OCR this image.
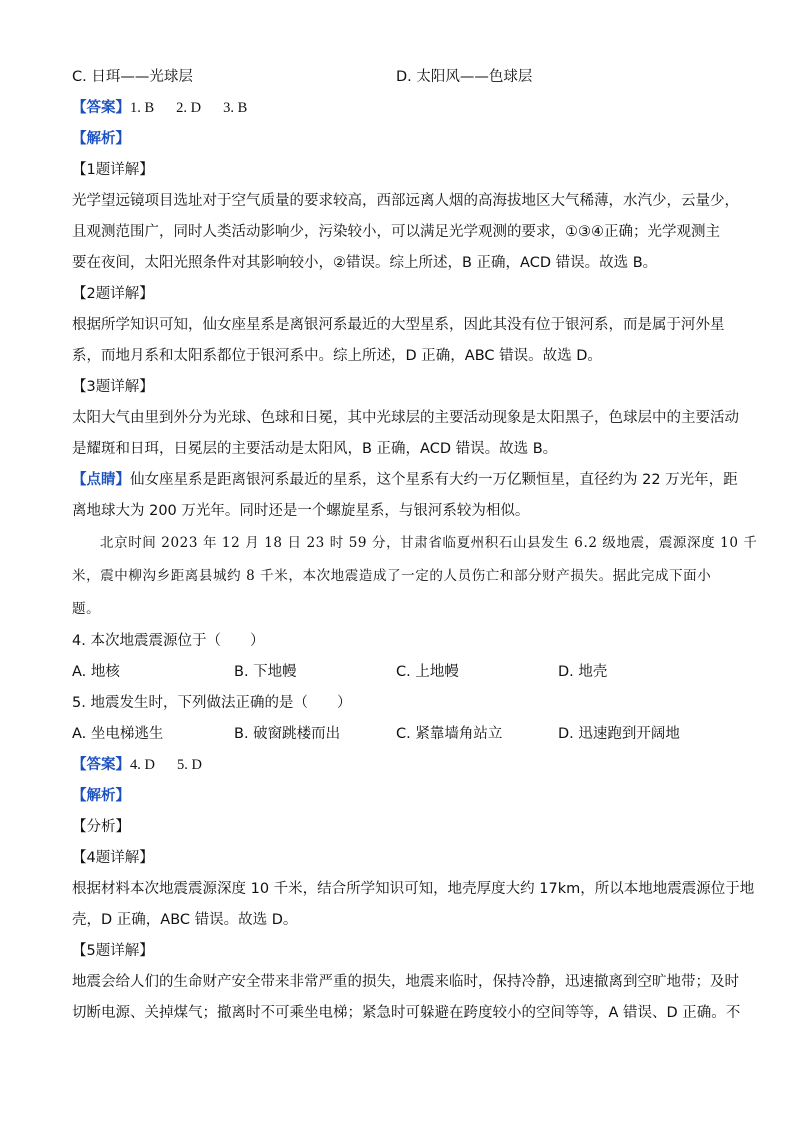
C. 日珥——光球层	D. 太阳风——色球层
【答案】1. B 2. D 3. B
【解析】
【1题详解】
光学望远镜项目选址对于空气质量的要求较高，西部远离人烟的高海拔地区大气稀薄，水汽少，云量少，
且观测范围广，同时人类活动影响少，污染较小，可以满足光学观测的要求，①③④正确；光学观测主
要在夜间，太阳光照条件对其影响较小，②错误。综上所述，B 正确，ACD 错误。故选 B。
【2题详解】
根据所学知识可知，仙女座星系是离银河系最近的大型星系，因此其没有位于银河系，而是属于河外星
系，而地月系和太阳系都位于银河系中。综上所述，D 正确，ABC 错误。故选 D。
【3题详解】
太阳大气由里到外分为光球、色球和日冕，其中光球层的主要活动现象是太阳黑子，色球层中的主要活动
是耀斑和日珥，日冕层的主要活动是太阳风，B 正确，ACD 错误。故选 B。
【点睛】仙女座星系是距离银河系最近的星系，这个星系有大约一万亿颗恒星，直径约为 22 万光年，距
离地球大为 200 万光年。同时还是一个螺旋星系，与银河系较为相似。
北京时间 2023 年 12 月 18 日 23 时 59 分，甘肃省临夏州积石山县发生 6.2 级地震，震源深度 10 千
米，震中柳沟乡距离县城约 8 千米，本次地震造成了一定的人员伤亡和部分财产损失。据此完成下面小
题。
4. 本次地震震源位于（　　）
A. 地核	B. 下地幔	C. 上地幔	D. 地壳
5. 地震发生时，下列做法正确的是（　　）
A. 坐电梯逃生	B. 破窗跳楼而出	C. 紧靠墙角站立	D. 迅速跑到开阔地
【答案】4. D 5. D
【解析】
【分析】
【4题详解】
根据材料本次地震震源深度 10 千米，结合所学知识可知，地壳厚度大约 17km，所以本地地震震源位于地
壳，D 正确，ABC 错误。故选 D。
【5题详解】
地震会给人们的生命财产安全带来非常严重的损失，地震来临时，保持冷静，迅速撤离到空旷地带；及时
切断电源、关掉煤气；撤离时不可乘坐电梯；紧急时可躲避在跨度较小的空间等等，A 错误、D 正确。不
